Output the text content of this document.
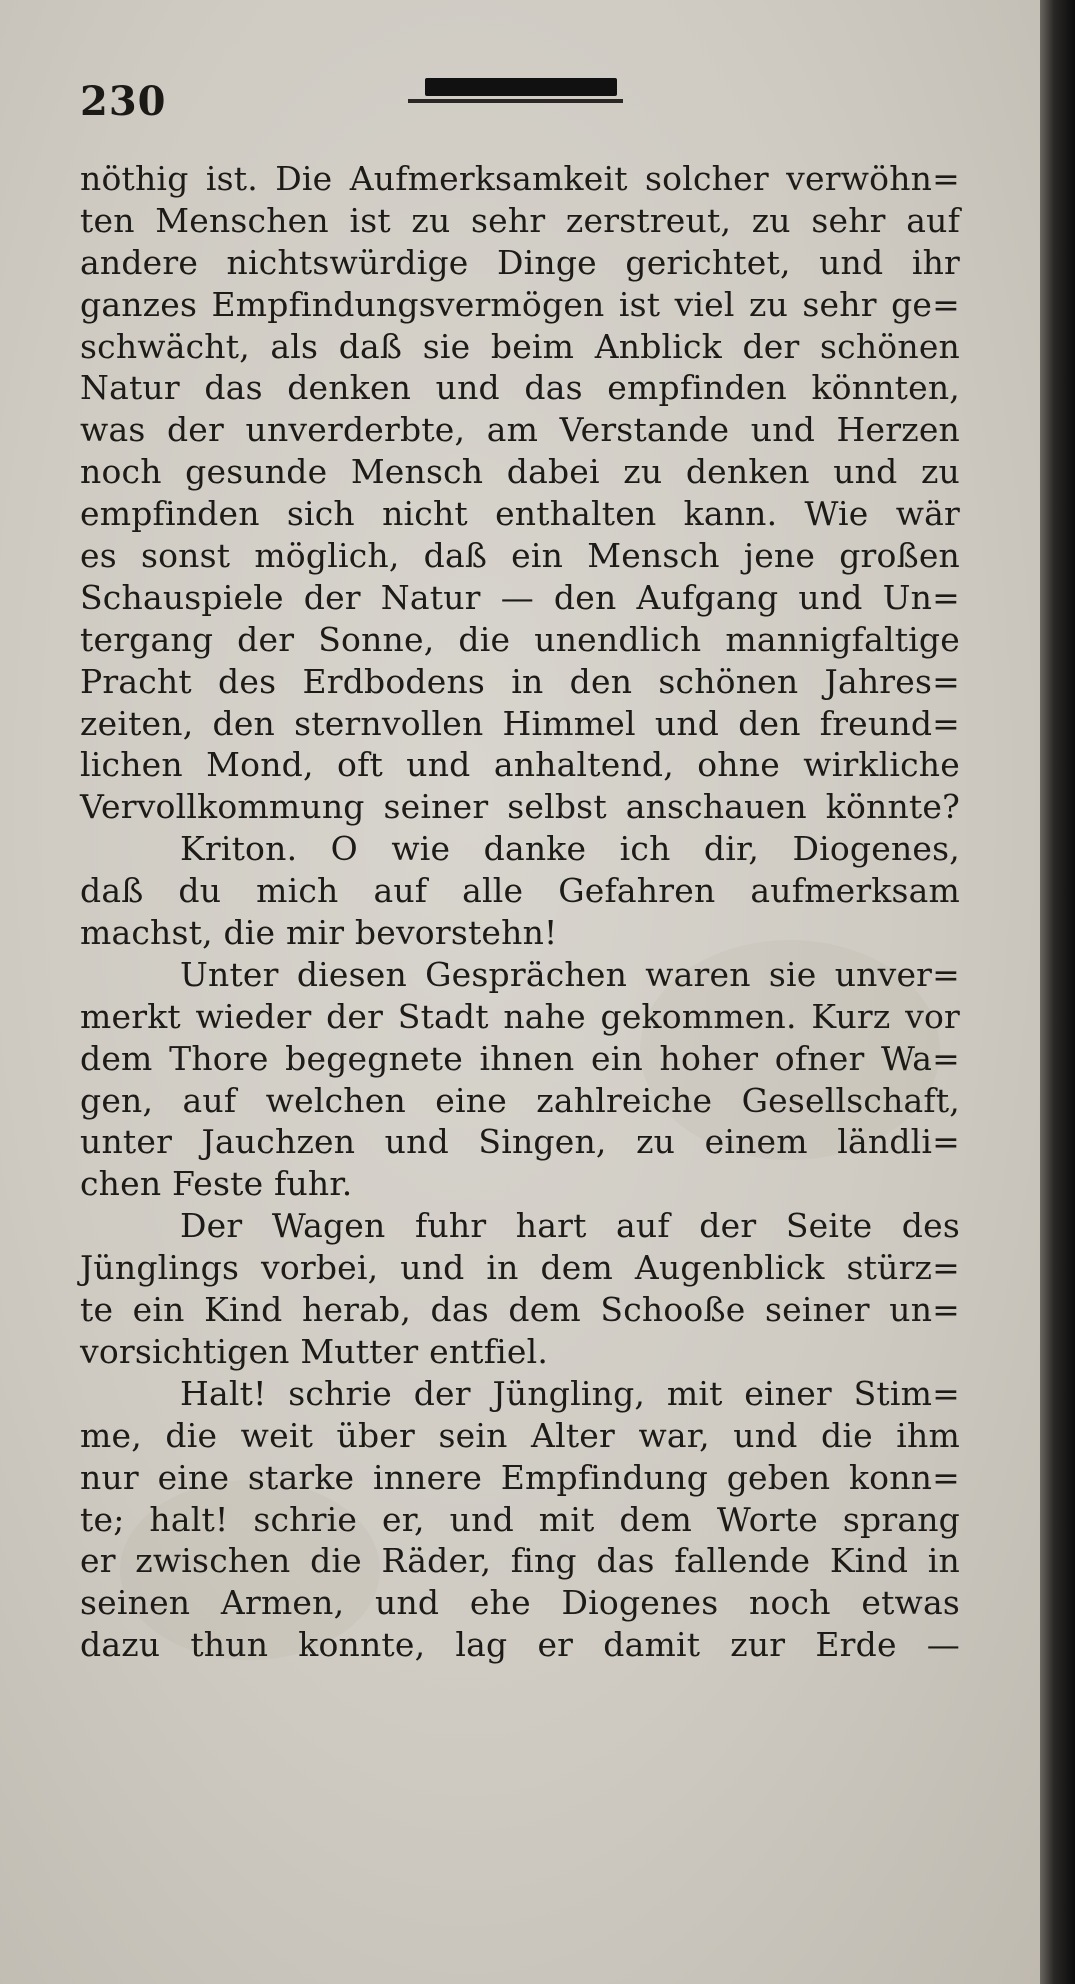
230
nöthig ist. Die Aufmerksamkeit solcher verwöhn=
ten Menschen ist zu sehr zerstreut, zu sehr auf
andere nichtswürdige Dinge gerichtet, und ihr
ganzes Empfindungsvermögen ist viel zu sehr ge=
schwächt, als daß sie beim Anblick der schönen
Natur das denken und das empfinden könnten,
was der unverderbte, am Verstande und Herzen
noch gesunde Mensch dabei zu denken und zu
empfinden sich nicht enthalten kann. Wie wär
es sonst möglich, daß ein Mensch jene großen
Schauspiele der Natur — den Aufgang und Un=
tergang der Sonne, die unendlich mannigfaltige
Pracht des Erdbodens in den schönen Jahres=
zeiten, den sternvollen Himmel und den freund=
lichen Mond, oft und anhaltend, ohne wirkliche
Vervollkommung seiner selbst anschauen könnte?
Kriton. O wie danke ich dir, Diogenes,
daß du mich auf alle Gefahren aufmerksam
machst, die mir bevorstehn!
Unter diesen Gesprächen waren sie unver=
merkt wieder der Stadt nahe gekommen. Kurz vor
dem Thore begegnete ihnen ein hoher ofner Wa=
gen, auf welchen eine zahlreiche Gesellschaft,
unter Jauchzen und Singen, zu einem ländli=
chen Feste fuhr.
Der Wagen fuhr hart auf der Seite des
Jünglings vorbei, und in dem Augenblick stürz=
te ein Kind herab, das dem Schooße seiner un=
vorsichtigen Mutter entfiel.
Halt! schrie der Jüngling, mit einer Stim=
me, die weit über sein Alter war, und die ihm
nur eine starke innere Empfindung geben konn=
te; halt! schrie er, und mit dem Worte sprang
er zwischen die Räder, fing das fallende Kind in
seinen Armen, und ehe Diogenes noch etwas
dazu thun konnte, lag er damit zur Erde —
